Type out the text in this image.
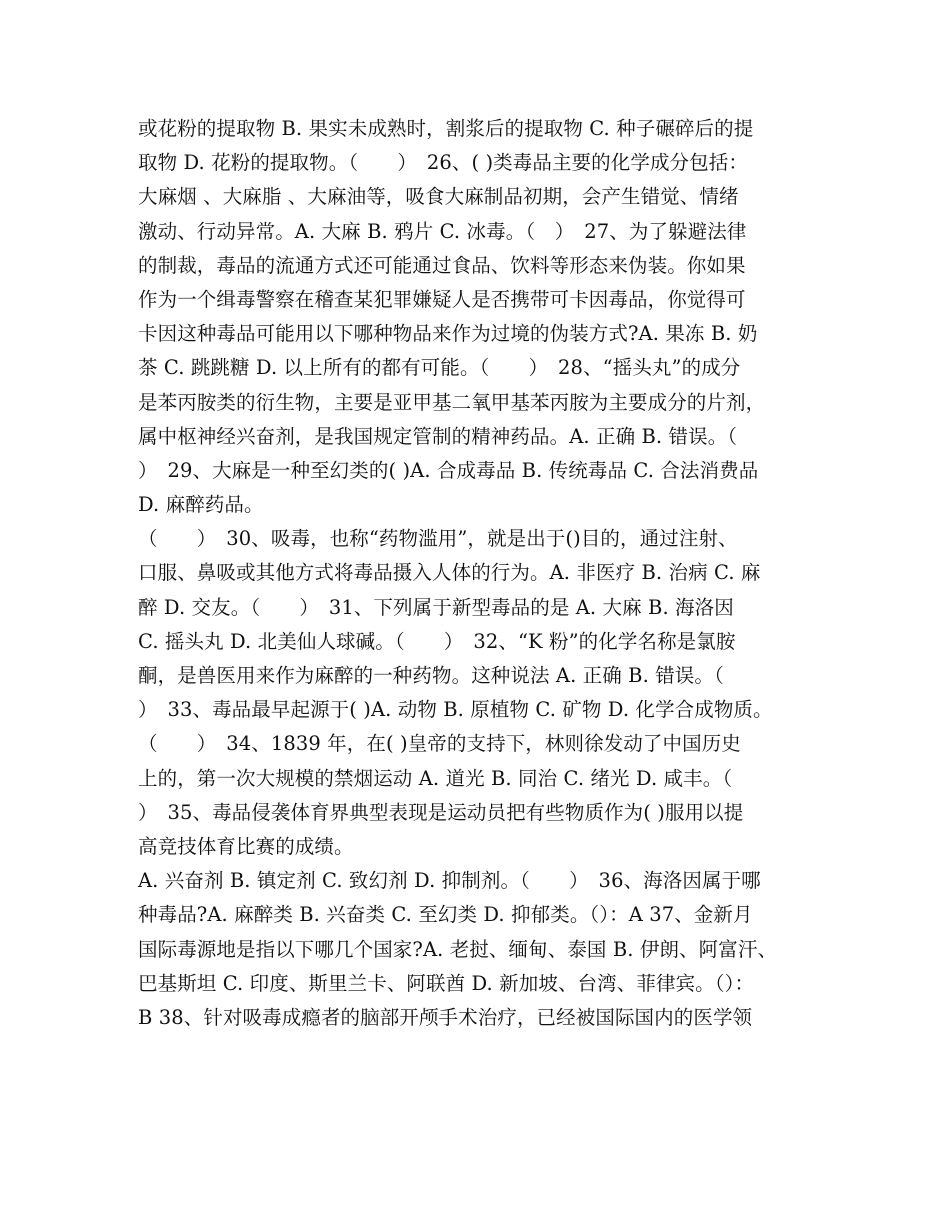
或花粉的提取物 B. 果实未成熟时，割浆后的提取物 C. 种子碾碎后的提
取物 D. 花粉的提取物。（　　）　26、( )类毒品主要的化学成分包括：
大麻烟 、大麻脂 、大麻油等，吸食大麻制品初期，会产生错觉、情绪
激动、行动异常。A. 大麻 B. 鸦片 C. 冰毒。（　）　27、为了躲避法律
的制裁，毒品的流通方式还可能通过食品、饮料等形态来伪装。你如果
作为一个缉毒警察在稽查某犯罪嫌疑人是否携带可卡因毒品，你觉得可
卡因这种毒品可能用以下哪种物品来作为过境的伪装方式?A. 果冻 B. 奶
茶 C. 跳跳糖 D. 以上所有的都有可能。（　　）　28、“摇头丸”的成分
是苯丙胺类的衍生物，主要是亚甲基二氧甲基苯丙胺为主要成分的片剂，
属中枢神经兴奋剂，是我国规定管制的精神药品。A. 正确 B. 错误。（
）　29、大麻是一种至幻类的( )A. 合成毒品 B. 传统毒品 C. 合法消费品
D. 麻醉药品。
（　　）　30、吸毒，也称“药物滥用”，就是出于()目的，通过注射、
口服、鼻吸或其他方式将毒品摄入人体的行为。A. 非医疗 B. 治病 C. 麻
醉 D. 交友。（　　）　31、下列属于新型毒品的是 A. 大麻 B. 海洛因
C. 摇头丸 D. 北美仙人球碱。（　　）　32、“K 粉”的化学名称是氯胺
酮，是兽医用来作为麻醉的一种药物。这种说法 A. 正确 B. 错误。（
）　33、毒品最早起源于( )A. 动物 B. 原植物 C. 矿物 D. 化学合成物质。
（　　）　34、1839 年，在( )皇帝的支持下，林则徐发动了中国历史
上的，第一次大规模的禁烟运动 A. 道光 B. 同治 C. 绪光 D. 咸丰。（
）　35、毒品侵袭体育界典型表现是运动员把有些物质作为( )服用以提
高竞技体育比赛的成绩。
A. 兴奋剂 B. 镇定剂 C. 致幻剂 D. 抑制剂。（　　）　36、海洛因属于哪
种毒品?A. 麻醉类 B. 兴奋类 C. 至幻类 D. 抑郁类。（）：A 37、金新月
国际毒源地是指以下哪几个国家?A. 老挝、缅甸、泰国 B. 伊朗、阿富汗、
巴基斯坦 C. 印度、斯里兰卡、阿联酋 D. 新加坡、台湾、菲律宾。（）：
B 38、针对吸毒成瘾者的脑部开颅手术治疗，已经被国际国内的医学领
